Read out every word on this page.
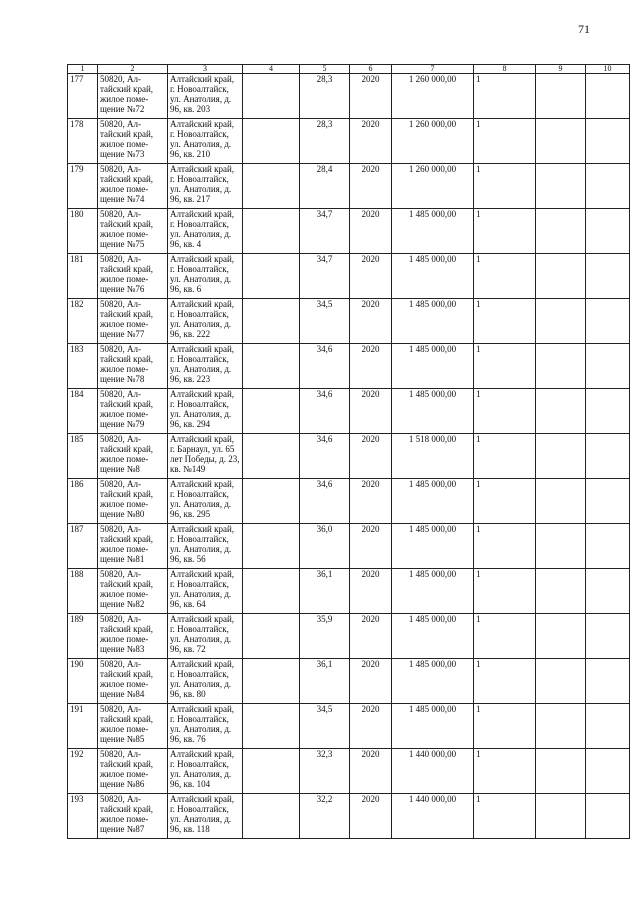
71
1	2	3	4	5	6	7	8	9	10
177	50820, Ал-тайский край, жилое поме-щение №72	Алтайский край, г. Новоалтайск, ул. Анатолия, д. 96, кв. 203		28,3	2020	1 260 000,00	1		
178	50820, Ал-тайский край, жилое поме-щение №73	Алтайский край, г. Новоалтайск, ул. Анатолия, д. 96, кв. 210		28,3	2020	1 260 000,00	1		
179	50820, Ал-тайский край, жилое поме-щение №74	Алтайский край, г. Новоалтайск, ул. Анатолия, д. 96, кв. 217		28,4	2020	1 260 000,00	1		
180	50820, Ал-тайский край, жилое поме-щение №75	Алтайский край, г. Новоалтайск, ул. Анатолия, д. 96, кв. 4		34,7	2020	1 485 000,00	1		
181	50820, Ал-тайский край, жилое поме-щение №76	Алтайский край, г. Новоалтайск, ул. Анатолия, д. 96, кв. 6		34,7	2020	1 485 000,00	1		
182	50820, Ал-тайский край, жилое поме-щение №77	Алтайский край, г. Новоалтайск, ул. Анатолия, д. 96, кв. 222		34,5	2020	1 485 000,00	1		
183	50820, Ал-тайский край, жилое поме-щение №78	Алтайский край, г. Новоалтайск, ул. Анатолия, д. 96, кв. 223		34,6	2020	1 485 000,00	1		
184	50820, Ал-тайский край, жилое поме-щение №79	Алтайский край, г. Новоалтайск, ул. Анатолия, д. 96, кв. 294		34,6	2020	1 485 000,00	1		
185	50820, Ал-тайский край, жилое поме-щение №8	Алтайский край, г. Барнаул, ул. 65 лет Победы, д. 23, кв. №149		34,6	2020	1 518 000,00	1		
186	50820, Ал-тайский край, жилое поме-щение №80	Алтайский край, г. Новоалтайск, ул. Анатолия, д. 96, кв. 295		34,6	2020	1 485 000,00	1		
187	50820, Ал-тайский край, жилое поме-щение №81	Алтайский край, г. Новоалтайск, ул. Анатолия, д. 96, кв. 56		36,0	2020	1 485 000,00	1		
188	50820, Ал-тайский край, жилое поме-щение №82	Алтайский край, г. Новоалтайск, ул. Анатолия, д. 96, кв. 64		36,1	2020	1 485 000,00	1		
189	50820, Ал-тайский край, жилое поме-щение №83	Алтайский край, г. Новоалтайск, ул. Анатолия, д. 96, кв. 72		35,9	2020	1 485 000,00	1		
190	50820, Ал-тайский край, жилое поме-щение №84	Алтайский край, г. Новоалтайск, ул. Анатолия, д. 96, кв. 80		36,1	2020	1 485 000,00	1		
191	50820, Ал-тайский край, жилое поме-щение №85	Алтайский край, г. Новоалтайск, ул. Анатолия, д. 96, кв. 76		34,5	2020	1 485 000,00	1		
192	50820, Ал-тайский край, жилое поме-щение №86	Алтайский край, г. Новоалтайск, ул. Анатолия, д. 96, кв. 104		32,3	2020	1 440 000,00	1		
193	50820, Ал-тайский край, жилое поме-щение №87	Алтайский край, г. Новоалтайск, ул. Анатолия, д. 96, кв. 118		32,2	2020	1 440 000,00	1		
